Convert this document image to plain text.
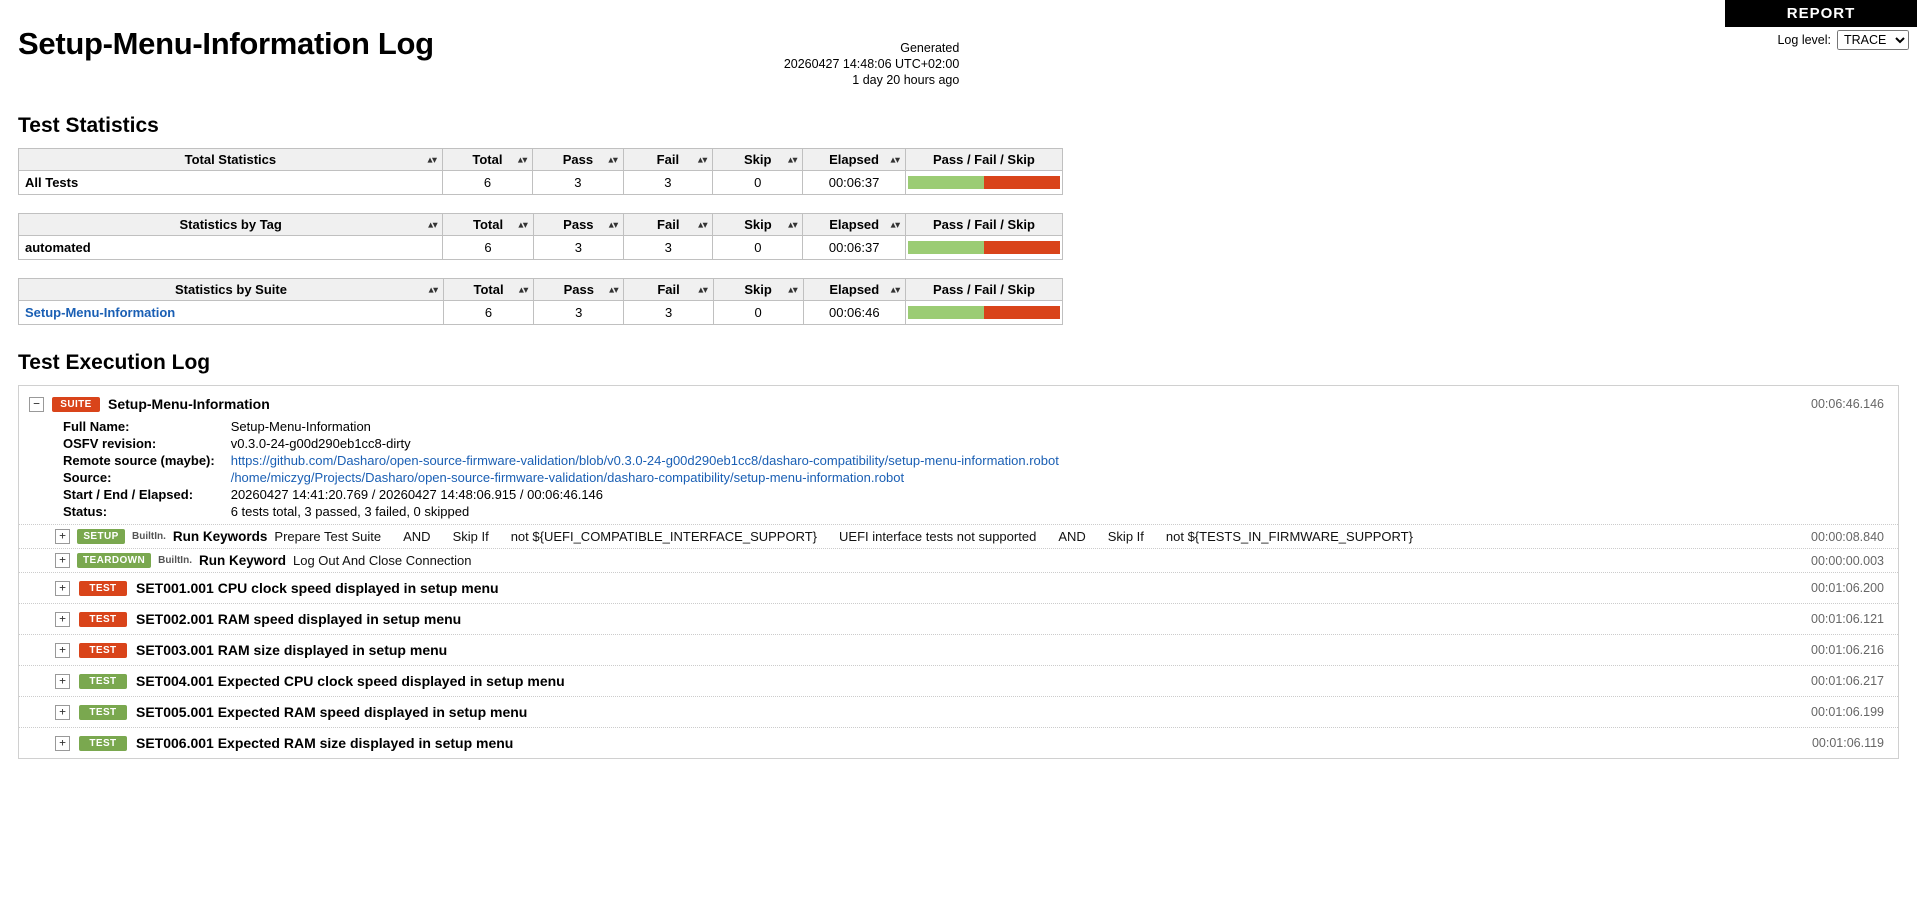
REPORT
Log level:
TRACE
Setup-Menu-Information Log	Generated
20260427 14:48:06 UTC+02:00
1 day 20 hours ago
Test Statistics
Total Statistics ▴▾	Total ▴▾	Pass ▴▾	Fail ▴▾	Skip ▴▾	Elapsed ▴▾	Pass / Fail / Skip
All Tests	6	3	3	0	00:06:37	
Statistics by Tag ▴▾	Total ▴▾	Pass ▴▾	Fail ▴▾	Skip ▴▾	Elapsed ▴▾	Pass / Fail / Skip
automated	6	3	3	0	00:06:37	
Statistics by Suite ▴▾	Total ▴▾	Pass ▴▾	Fail ▴▾	Skip ▴▾	Elapsed ▴▾	Pass / Fail / Skip
Setup-Menu-Information	6	3	3	0	00:06:46	
Test Execution Log
−	SUITE	Setup-Menu-Information	00:06:46.146
Full Name:	Setup-Menu-Information
OSFV revision:	v0.3.0-24-g00d290eb1cc8-dirty
Remote source (maybe):	https://github.com/Dasharo/open-source-firmware-validation/blob/v0.3.0-24-g00d290eb1cc8/dasharo-compatibility/setup-menu-information.robot
Source:	/home/miczyg/Projects/Dasharo/open-source-firmware-validation/dasharo-compatibility/setup-menu-information.robot
Start / End / Elapsed:	20260427 14:41:20.769 / 20260427 14:48:06.915 / 00:06:46.146
Status:	6 tests total, 3 passed, 3 failed, 0 skipped
+	SETUP	BuiltIn. Run Keywords Prepare Test Suite AND Skip If not ${UEFI_COMPATIBLE_INTERFACE_SUPPORT} UEFI interface tests not supported AND Skip If not ${TESTS_IN_FIRMWARE_SUPPORT}	00:00:08.840
+	TEARDOWN	BuiltIn. Run Keyword Log Out And Close Connection	00:00:00.003
+	TEST	SET001.001 CPU clock speed displayed in setup menu	00:01:06.200
+	TEST	SET002.001 RAM speed displayed in setup menu	00:01:06.121
+	TEST	SET003.001 RAM size displayed in setup menu	00:01:06.216
+	TEST	SET004.001 Expected CPU clock speed displayed in setup menu	00:01:06.217
+	TEST	SET005.001 Expected RAM speed displayed in setup menu	00:01:06.199
+	TEST	SET006.001 Expected RAM size displayed in setup menu	00:01:06.119
